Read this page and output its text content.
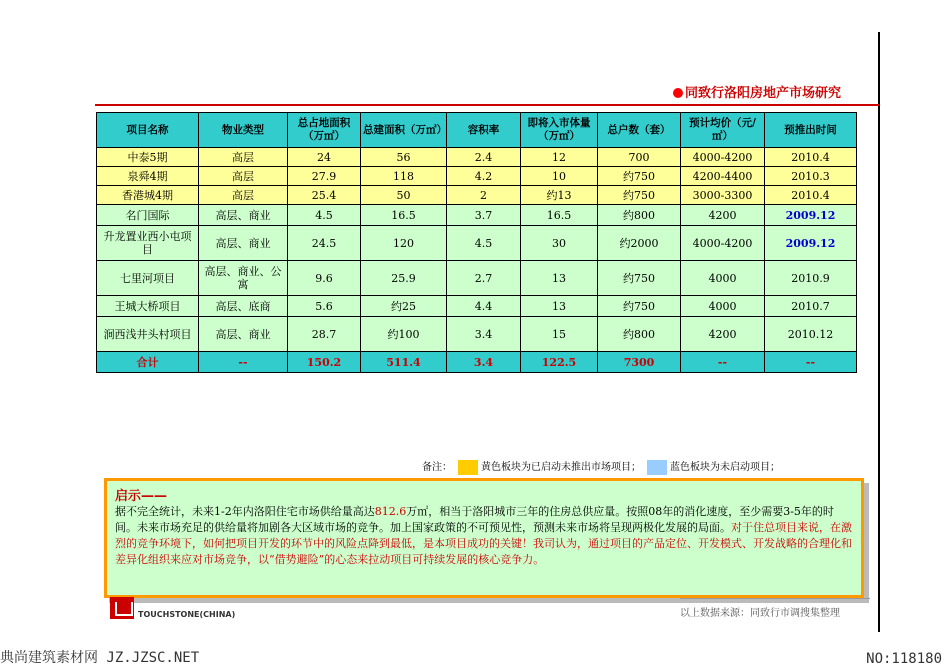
同致行洛阳房地产市场研究
项目名称	物业类型	总占地面积（万㎡）	总建面积（万㎡）	容积率	即将入市体量（万㎡）	总户数（套）	预计均价（元/㎡）	预推出时间
中泰5期	高层	24	56	2.4	12	700	4000-4200	2010.4
泉舜4期	高层	27.9	118	4.2	10	约750	4200-4400	2010.3
香港城4期	高层	25.4	50	2	约13	约750	3000-3300	2010.4
名门国际	高层、商业	4.5	16.5	3.7	16.5	约800	4200	2009.12
升龙置业西小屯项目	高层、商业	24.5	120	4.5	30	约2000	4000-4200	2009.12
七里河项目	高层、商业、公寓	9.6	25.9	2.7	13	约750	4000	2010.9
王城大桥项目	高层、底商	5.6	约25	4.4	13	约750	4000	2010.7
涧西浅井头村项目	高层、商业	28.7	约100	3.4	15	约800	4200	2010.12
合计	--	150.2	511.4	3.4	122.5	7300	--	--
备注：	黄色板块为已启动未推出市场项目；	蓝色板块为未启动项目；
启示——
据不完全统计，未来1-2年内洛阳住宅市场供给量高达812.6万㎡，相当于洛阳城市三年的住房总供应量。按照08年的消化速度，至少需要3-5年的时间。未来市场充足的供给量将加剧各大区域市场的竞争。加上国家政策的不可预见性，预测未来市场将呈现两极化发展的局面。对于住总项目来说，在激烈的竞争环境下，如何把项目开发的环节中的风险点降到最低，是本项目成功的关键！我司认为，通过项目的产品定位、开发模式、开发战略的合理化和差异化组织来应对市场竞争，以“借势避险”的心态来拉动项目可持续发展的核心竞争力。
TOUCHSTONE(CHINA)	以上数据来源：同致行市调搜集整理
典尚建筑素材网 JZ.JZSC.NET	NO:118180
